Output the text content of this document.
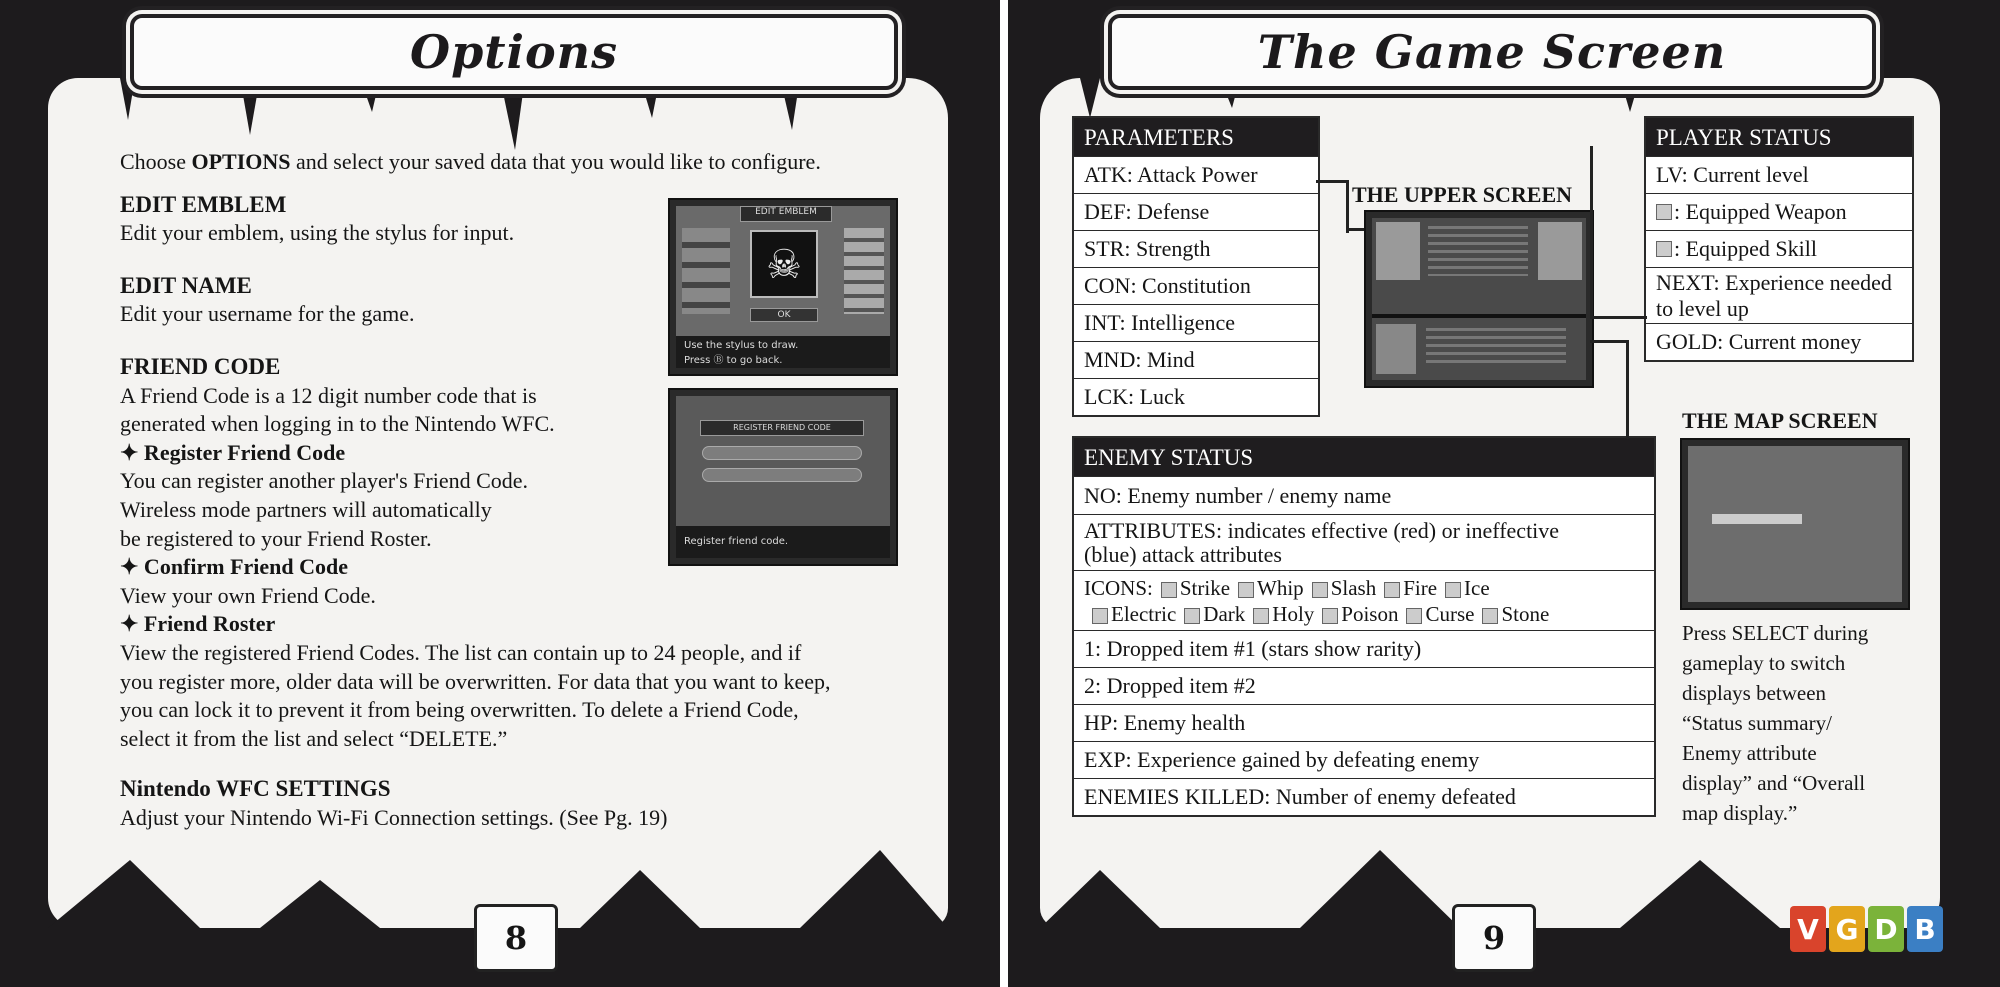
Options

Choose OPTIONS and select your saved data that you would like to configure.

EDIT EMBLEM
Edit your emblem, using the stylus for input.

EDIT NAME
Edit your username for the game.

FRIEND CODE
A Friend Code is a 12 digit number code that is
generated when logging in to the Nintendo WFC.
✦ Register Friend Code
You can register another player's Friend Code.
Wireless mode partners will automatically
be registered to your Friend Roster.
✦ Confirm Friend Code
View your own Friend Code.
✦ Friend Roster
View the registered Friend Codes. The list can contain up to 24 people, and if
you register more, older data will be overwritten. For data that you want to keep,
you can lock it to prevent it from being overwritten. To delete a Friend Code,
select it from the list and select “DELETE.”

Nintendo WFC SETTINGS
Adjust your Nintendo Wi-Fi Connection settings. (See Pg. 19)

EDIT EMBLEM
☠
OK
Use the stylus to draw.
Press Ⓑ to go back.
REGISTER FRIEND CODE
Register friend code.
8
The Game Screen
PARAMETERS
ATK: Attack Power
DEF: Defense
STR: Strength
CON: Constitution
INT: Intelligence
MND: Mind
LCK: Luck
THE UPPER SCREEN
PLAYER STATUS
LV: Current level
: Equipped Weapon
: Equipped Skill
NEXT: Experience needed to level up
GOLD: Current money
THE MAP SCREEN
Press SELECT during
gameplay to switch
displays between
“Status summary/
Enemy attribute
display” and “Overall
map display.”
ENEMY STATUS
NO: Enemy number / enemy name
ATTRIBUTES: indicates effective (red) or ineffective
(blue) attack attributes
ICONS: Strike Whip Slash Fire Ice
Electric Dark Holy Poison Curse Stone
1: Dropped item #1 (stars show rarity)
2: Dropped item #2
HP: Enemy health
EXP: Experience gained by defeating enemy
ENEMIES KILLED: Number of enemy defeated
9	V G D B
